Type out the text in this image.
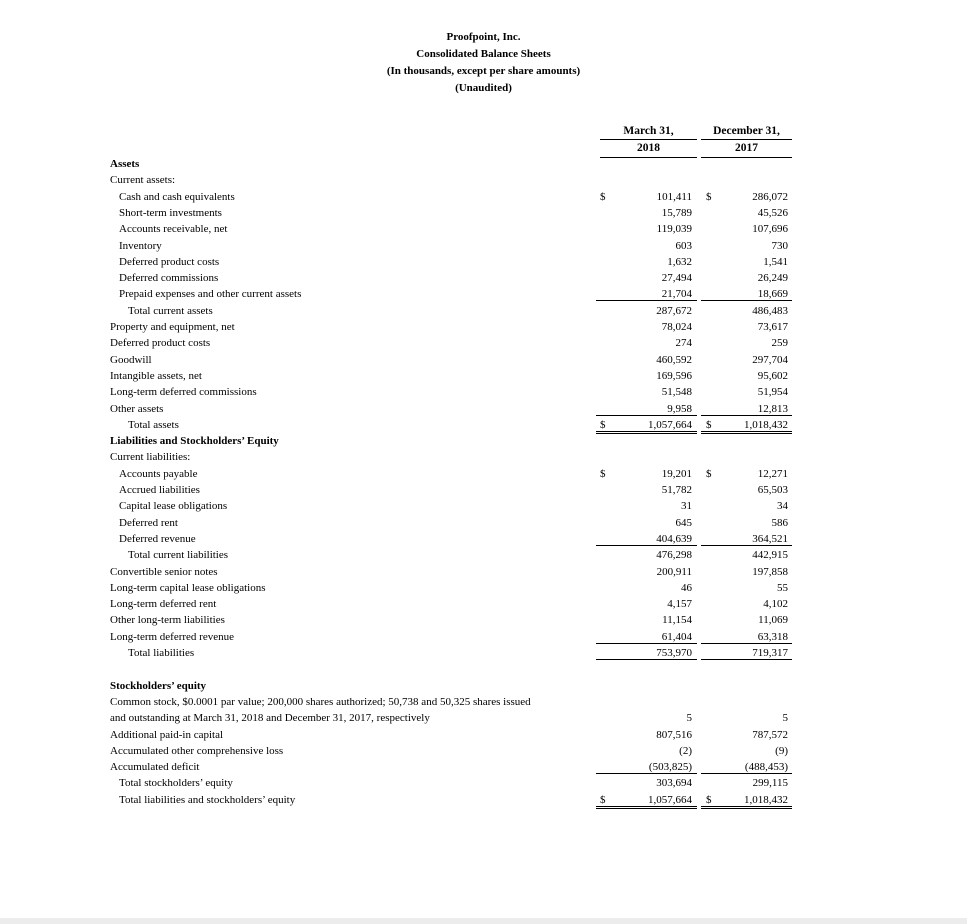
Proofpoint, Inc.
Consolidated Balance Sheets
(In thousands, except per share amounts)
(Unaudited)
March 31,
2018
December 31,
2017
Assets
Current assets:
Cash and cash equivalents	$	101,411 $	286,072
Short-term investments	15,789	45,526
Accounts receivable, net	119,039	107,696
Inventory	603	730
Deferred product costs	1,632	1,541
Deferred commissions	27,494	26,249
Prepaid expenses and other current assets	21,704	18,669
Total current assets	287,672	486,483
Property and equipment, net	78,024	73,617
Deferred product costs	274	259
Goodwill	460,592	297,704
Intangible assets, net	169,596	95,602
Long-term deferred commissions	51,548	51,954
Other assets	9,958	12,813
Total assets	$	1,057,664 $	1,018,432
Liabilities and Stockholders’ Equity
Current liabilities:
Accounts payable	$	19,201 $	12,271
Accrued liabilities	51,782	65,503
Capital lease obligations	31	34
Deferred rent	645	586
Deferred revenue	404,639	364,521
Total current liabilities	476,298	442,915
Convertible senior notes	200,911	197,858
Long-term capital lease obligations	46	55
Long-term deferred rent	4,157	4,102
Other long-term liabilities	11,154	11,069
Long-term deferred revenue	61,404	63,318
Total liabilities	753,970	719,317
Stockholders’ equity
Common stock, $0.0001 par value; 200,000 shares authorized; 50,738 and 50,325 shares issued
and outstanding at March 31, 2018 and December 31, 2017, respectively	5	5
Additional paid-in capital	807,516	787,572
Accumulated other comprehensive loss	(2)	(9)
Accumulated deficit	(503,825)	(488,453)
Total stockholders’ equity	303,694	299,115
Total liabilities and stockholders’ equity	$	1,057,664 $	1,018,432
